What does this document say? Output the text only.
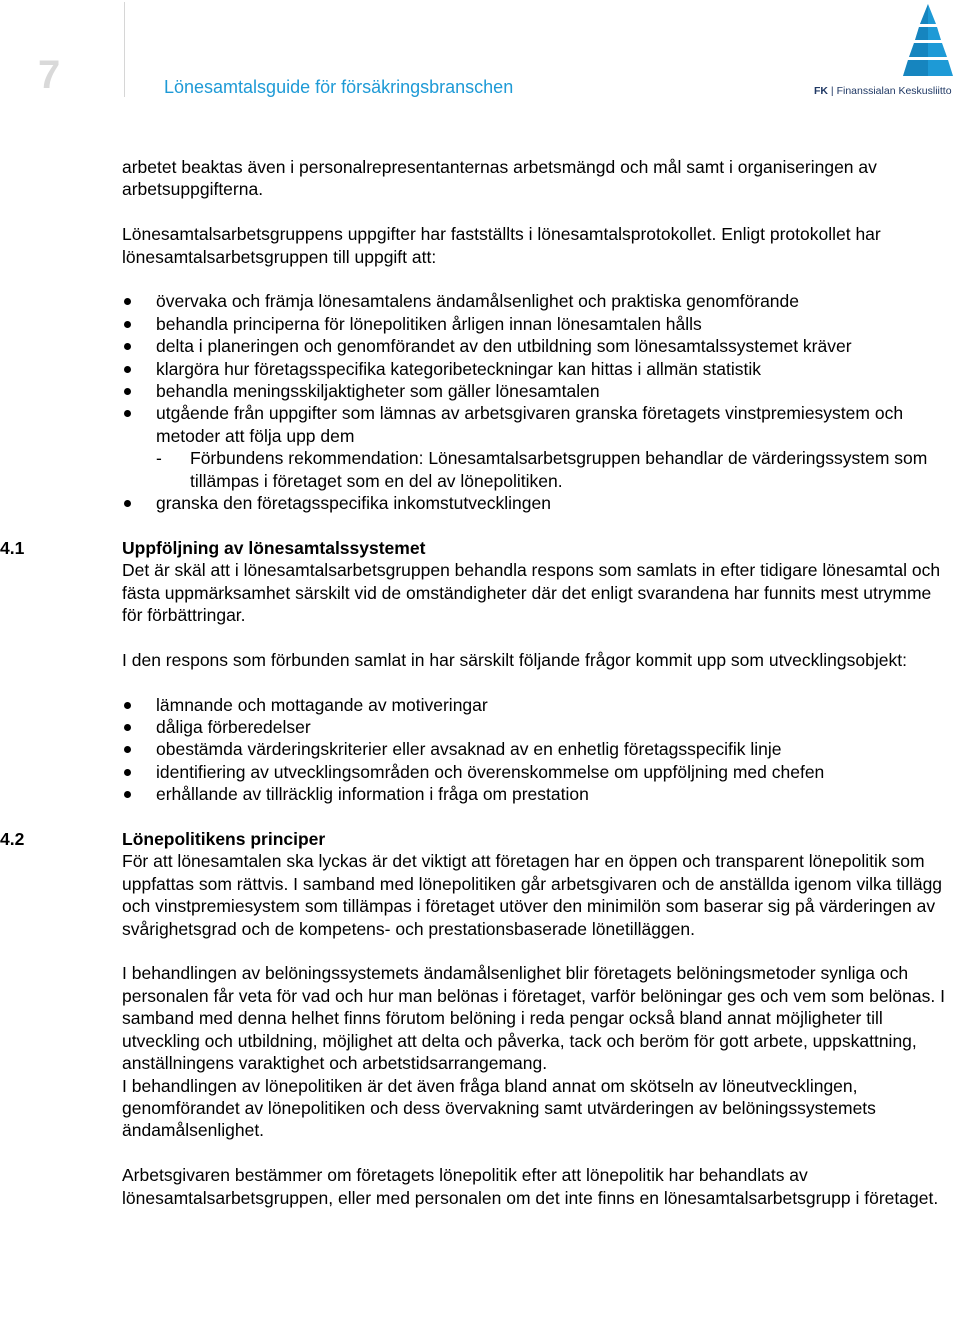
7	Lönesamtalsguide för försäkringsbranschen	FK | Finanssialan Keskusliitto

arbetet beaktas även i personalrepresentanternas arbetsmängd och mål samt i organiseringen av arbetsuppgifterna.

Lönesamtalsarbetsgruppens uppgifter har fastställts i lönesamtalsprotokollet. Enligt protokollet har lönesamtalsarbetsgruppen till uppgift att:

övervaka och främja lönesamtalens ändamålsenlighet och praktiska genomförande
behandla principerna för lönepolitiken årligen innan lönesamtalen hålls
delta i planeringen och genomförandet av den utbildning som lönesamtalssystemet kräver
klargöra hur företagsspecifika kategoribeteckningar kan hittas i allmän statistik
behandla meningsskiljaktigheter som gäller lönesamtalen
utgående från uppgifter som lämnas av arbetsgivaren granska företagets vinstpremiesystem och metoder att följa upp dem
- Förbundens rekommendation: Lönesamtalsarbetsgruppen behandlar de värderingssystem som tillämpas i företaget som en del av lönepolitiken.
granska den företagsspecifika inkomstutvecklingen
4.1	Uppföljning av lönesamtalssystemet

Det är skäl att i lönesamtalsarbetsgruppen behandla respons som samlats in efter tidigare lönesamtal och fästa uppmärksamhet särskilt vid de omständigheter där det enligt svarandena har funnits mest utrymme för förbättringar.

I den respons som förbunden samlat in har särskilt följande frågor kommit upp som utvecklingsobjekt:

lämnande och mottagande av motiveringar
dåliga förberedelser
obestämda värderingskriterier eller avsaknad av en enhetlig företagsspecifik linje
identifiering av utvecklingsområden och överenskommelse om uppföljning med chefen
erhållande av tillräcklig information i fråga om prestation
4.2	Lönepolitikens principer

För att lönesamtalen ska lyckas är det viktigt att företagen har en öppen och transparent lönepolitik som uppfattas som rättvis. I samband med lönepolitiken går arbetsgivaren och de anställda igenom vilka tillägg och vinstpremiesystem som tillämpas i företaget utöver den minimilön som baserar sig på värderingen av svårighetsgrad och de kompetens- och prestationsbaserade lönetilläggen.

I behandlingen av belöningssystemets ändamålsenlighet blir företagets belöningsmetoder synliga och personalen får veta för vad och hur man belönas i företaget, varför belöningar ges och vem som belönas. I samband med denna helhet finns förutom belöning i reda pengar också bland annat möjligheter till utveckling och utbildning, möjlighet att delta och påverka, tack och beröm för gott arbete, uppskattning, anställningens varaktighet och arbetstidsarrangemang.

I behandlingen av lönepolitiken är det även fråga bland annat om skötseln av löneutvecklingen, genomförandet av lönepolitiken och dess övervakning samt utvärderingen av belöningssystemets ändamålsenlighet.

Arbetsgivaren bestämmer om företagets lönepolitik efter att lönepolitik har behandlats av lönesamtalsarbetsgruppen, eller med personalen om det inte finns en lönesamtalsarbetsgrupp i företaget.
